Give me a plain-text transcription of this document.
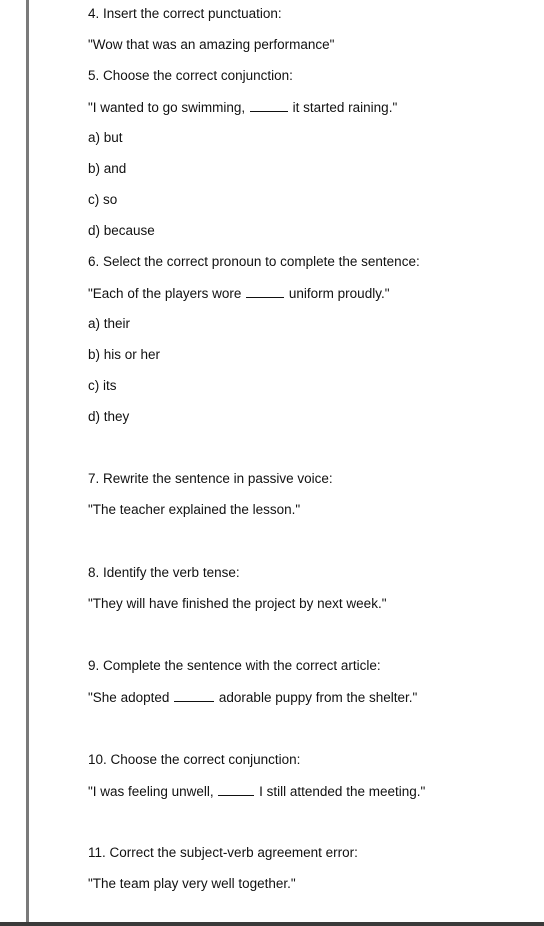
4. Insert the correct punctuation:
"Wow that was an amazing performance"
5. Choose the correct conjunction:
"I wanted to go swimming,	it started raining."
a) but
b) and
c) so
d) because
6. Select the correct pronoun to complete the sentence:
"Each of the players wore	uniform proudly."
a) their
b) his or her
c) its
d) they
7. Rewrite the sentence in passive voice:
"The teacher explained the lesson."
8. Identify the verb tense:
"They will have finished the project by next week."
9. Complete the sentence with the correct article:
"She adopted	adorable puppy from the shelter."
10. Choose the correct conjunction:
"I was feeling unwell,	I still attended the meeting."
11. Correct the subject-verb agreement error:
"The team play very well together."
